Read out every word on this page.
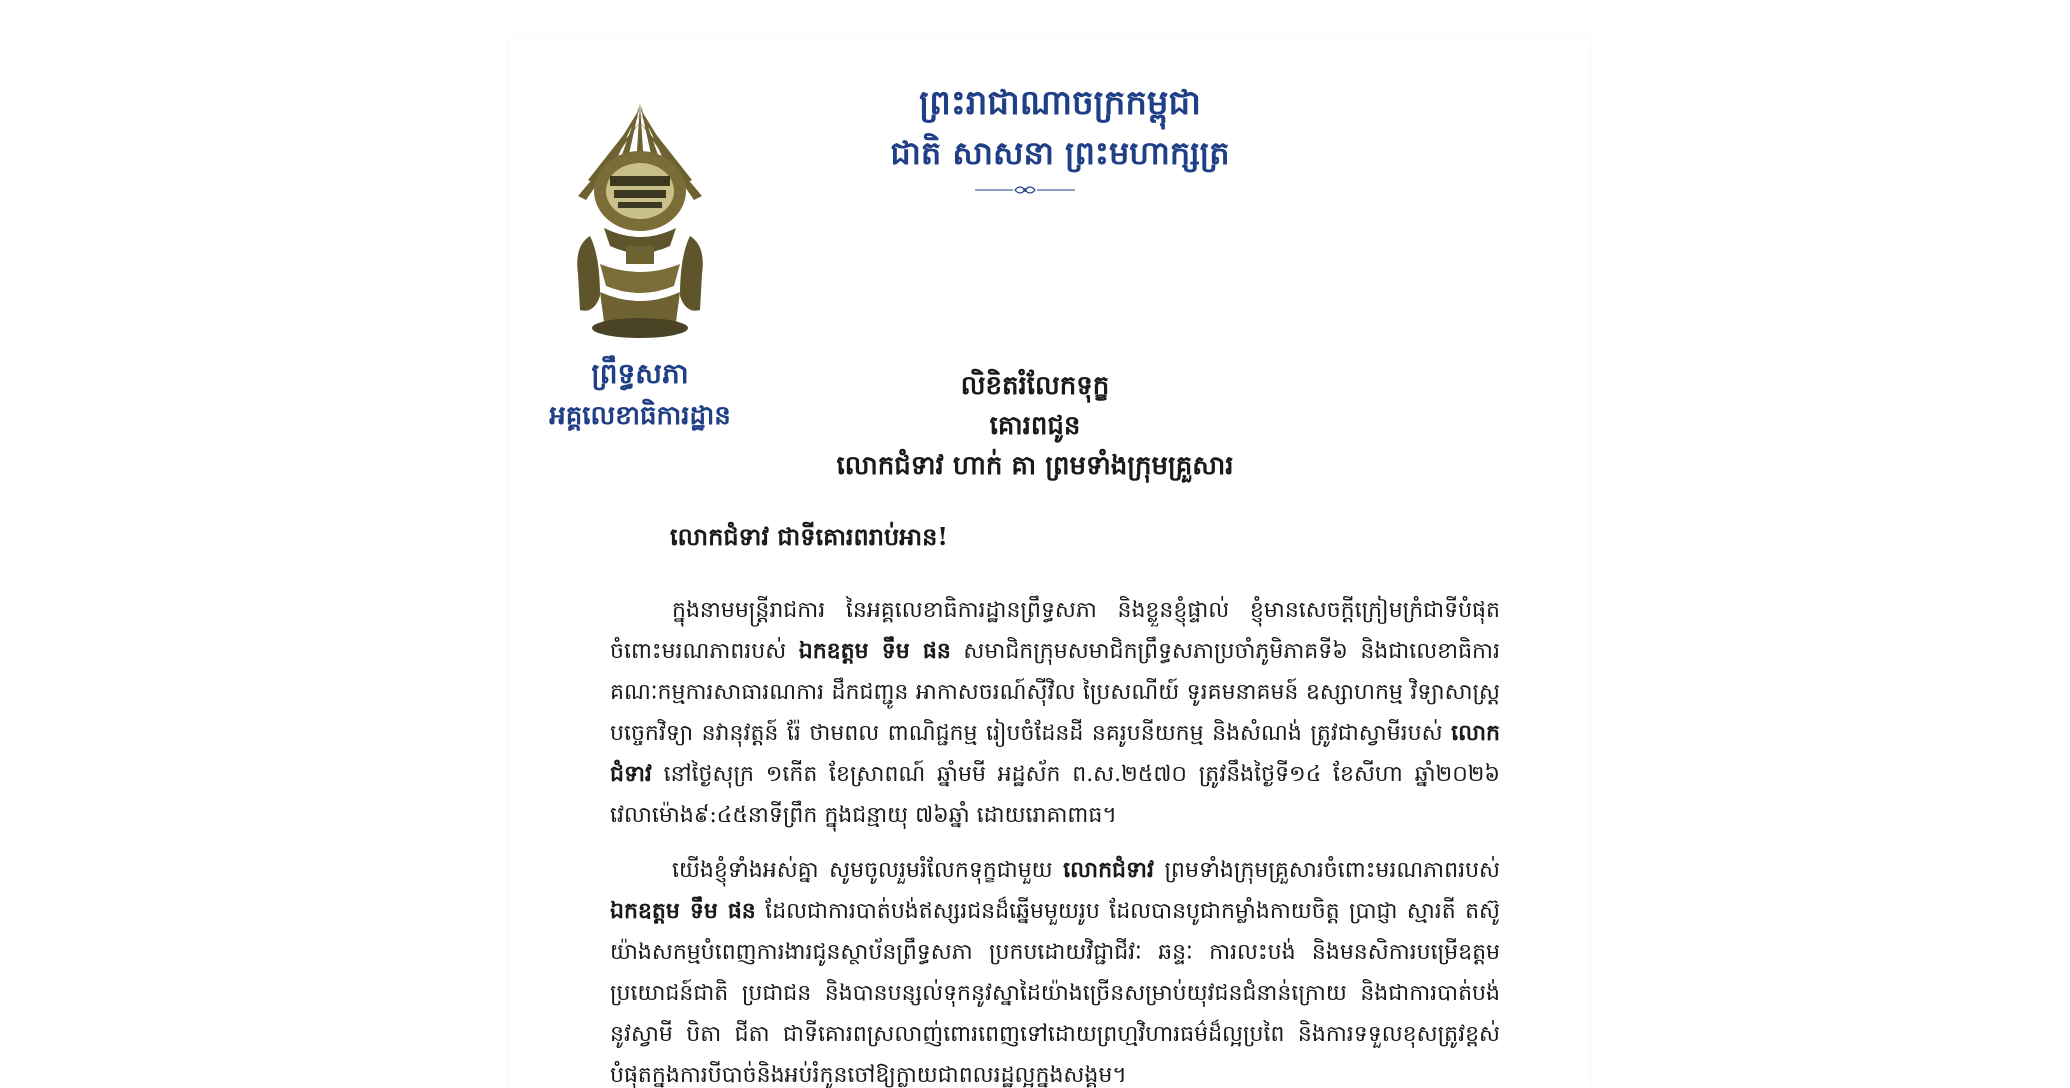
ព្រះរាជាណាចក្រកម្ពុជា
ជាតិ សាសនា ព្រះមហាក្សត្រ
ព្រឹទ្ធសភា
អគ្គលេខាធិការដ្ឋាន
លិខិតរំលែកទុក្ខ
គោរពជូន
លោកជំទាវ ហាក់ គា ព្រមទាំងក្រុមគ្រួសារ
លោកជំទាវ ជាទីគោរពរាប់អាន!
ក្នុងនាមមន្រ្តីរាជការ នៃអគ្គលេខាធិការដ្ឋានព្រឹទ្ធសភា និងខ្លួនខ្ញុំផ្ទាល់ ខ្ញុំមានសេចក្តីក្រៀមក្រំជាទីបំផុតចំពោះមរណភាពរបស់ ឯកឧត្តម ទឹម ផន សមាជិកក្រុមសមាជិកព្រឹទ្ធសភាប្រចាំភូមិភាគទី៦ និងជាលេខាធិការគណៈកម្មការសាធារណការ ដឹកជញ្ជូន អាកាសចរណ៍ស៊ីវិល ប្រៃសណីយ៍ ទូរគមនាគមន៍ ឧស្សាហកម្ម វិទ្យាសាស្រ្ត បច្ចេកវិទ្យា នវានុវត្តន៍ រ៉ែ ថាមពល ពាណិជ្ជកម្ម រៀបចំដែនដី នគរូបនីយកម្ម និងសំណង់ ត្រូវជាស្វាមីរបស់ លោកជំទាវ នៅថ្ងៃសុក្រ ១កើត ខែស្រាពណ៍ ឆ្នាំមមី អដ្ឋស័ក ព.ស.២៥៧០ ត្រូវនឹងថ្ងៃទី១៤ ខែសីហា ឆ្នាំ២០២៦ វេលាម៉ោង៩:៤៥នាទីព្រឹក ក្នុងជន្មាយុ ៧៦ឆ្នាំ ដោយរោគាពាធ។
យើងខ្ញុំទាំងអស់គ្នា សូមចូលរួមរំលែកទុក្ខជាមួយ លោកជំទាវ ព្រមទាំងក្រុមគ្រួសារចំពោះមរណភាពរបស់ ឯកឧត្តម ទឹម ផន ដែលជាការបាត់បង់ឥស្សរជនដ៏ឆ្នើមមួយរូប ដែលបានបូជាកម្លាំងកាយចិត្ត ប្រាជ្ញា ស្មារតី តស៊ូយ៉ាងសកម្មបំពេញការងារជូនស្ថាប័នព្រឹទ្ធសភា ប្រកបដោយវិជ្ជាជីវៈ ឆន្ទៈ ការលះបង់ និងមនសិការបម្រើឧត្តមប្រយោជន៍ជាតិ ប្រជាជន និងបានបន្សល់ទុកនូវស្នាដៃយ៉ាងច្រើនសម្រាប់យុវជនជំនាន់ក្រោយ និងជាការបាត់បង់នូវស្វាមី បិតា ជីតា ជាទីគោរពស្រលាញ់ពោរពេញទៅដោយព្រហ្មវិហារធម៌ដ៏ល្អប្រពៃ និងការទទួលខុសត្រូវខ្ពស់បំផុតក្នុងការបីបាច់និងអប់រំកូនចៅឱ្យក្លាយជាពលរដ្ឋល្អក្នុងសង្គម។
